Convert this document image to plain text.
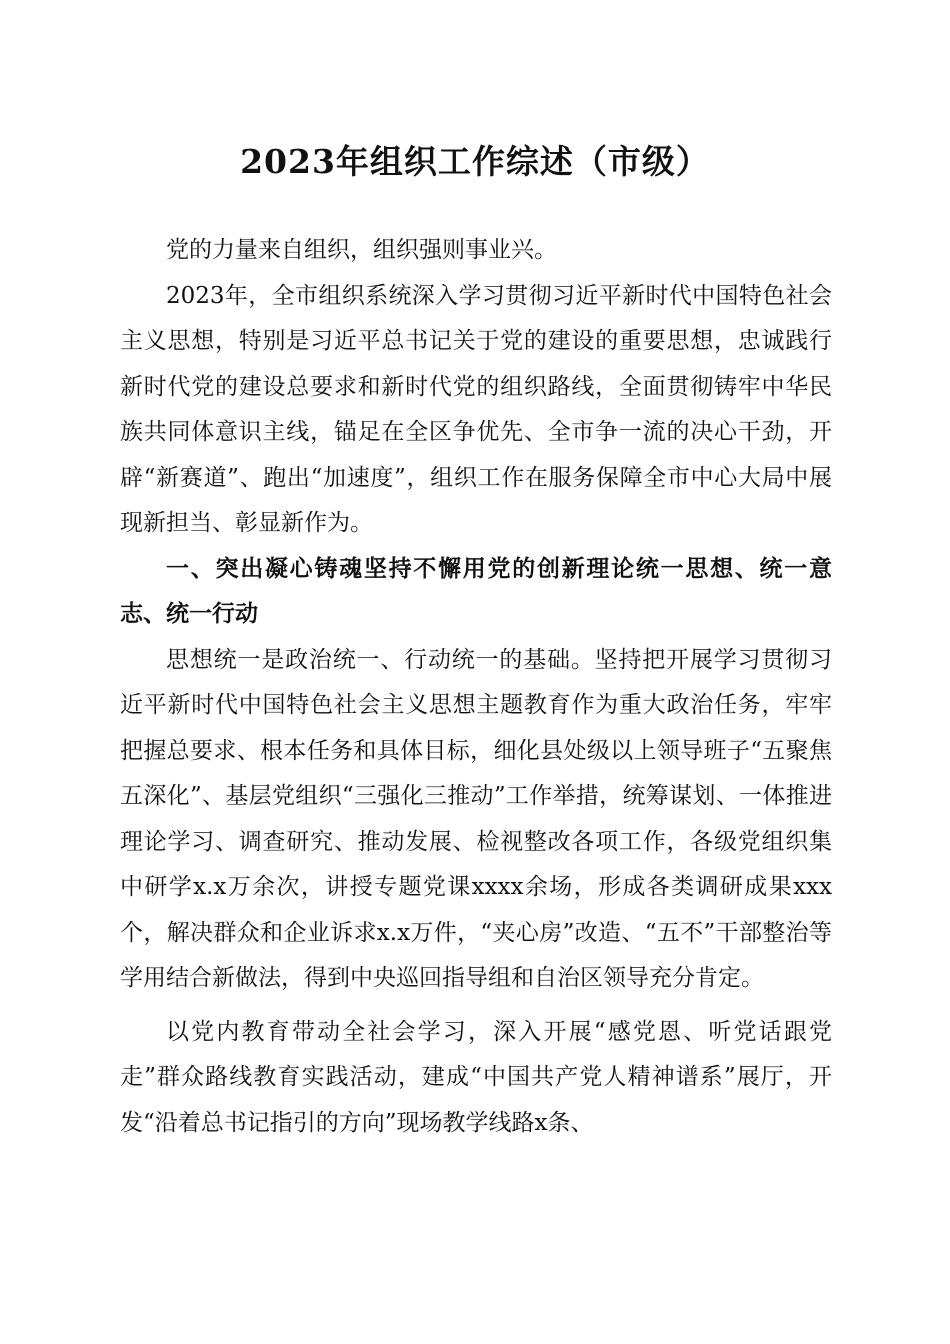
2023年组织工作综述（市级）

党的力量来自组织，组织强则事业兴。

2023年，全市组织系统深入学习贯彻习近平新时代中国特色社会主义思想，特别是习近平总书记关于党的建设的重要思想，忠诚践行新时代党的建设总要求和新时代党的组织路线，全面贯彻铸牢中华民族共同体意识主线，锚足在全区争优先、全市争一流的决心干劲，开辟“新赛道”、跑出“加速度”，组织工作在服务保障全市中心大局中展现新担当、彰显新作为。

一、突出凝心铸魂坚持不懈用党的创新理论统一思想、统一意志、统一行动

思想统一是政治统一、行动统一的基础。坚持把开展学习贯彻习近平新时代中国特色社会主义思想主题教育作为重大政治任务，牢牢把握总要求、根本任务和具体目标，细化县处级以上领导班子“五聚焦五深化”、基层党组织“三强化三推动”工作举措，统筹谋划、一体推进理论学习、调查研究、推动发展、检视整改各项工作，各级党组织集中研学x.x万余次，讲授专题党课xxxx余场，形成各类调研成果xxx个，解决群众和企业诉求x.x万件，“夹心房”改造、“五不”干部整治等学用结合新做法，得到中央巡回指导组和自治区领导充分肯定。

以党内教育带动全社会学习，深入开展“感党恩、听党话跟党走”群众路线教育实践活动，建成“中国共产党人精神谱系”展厅，开发“沿着总书记指引的方向”现场教学线路x条、
